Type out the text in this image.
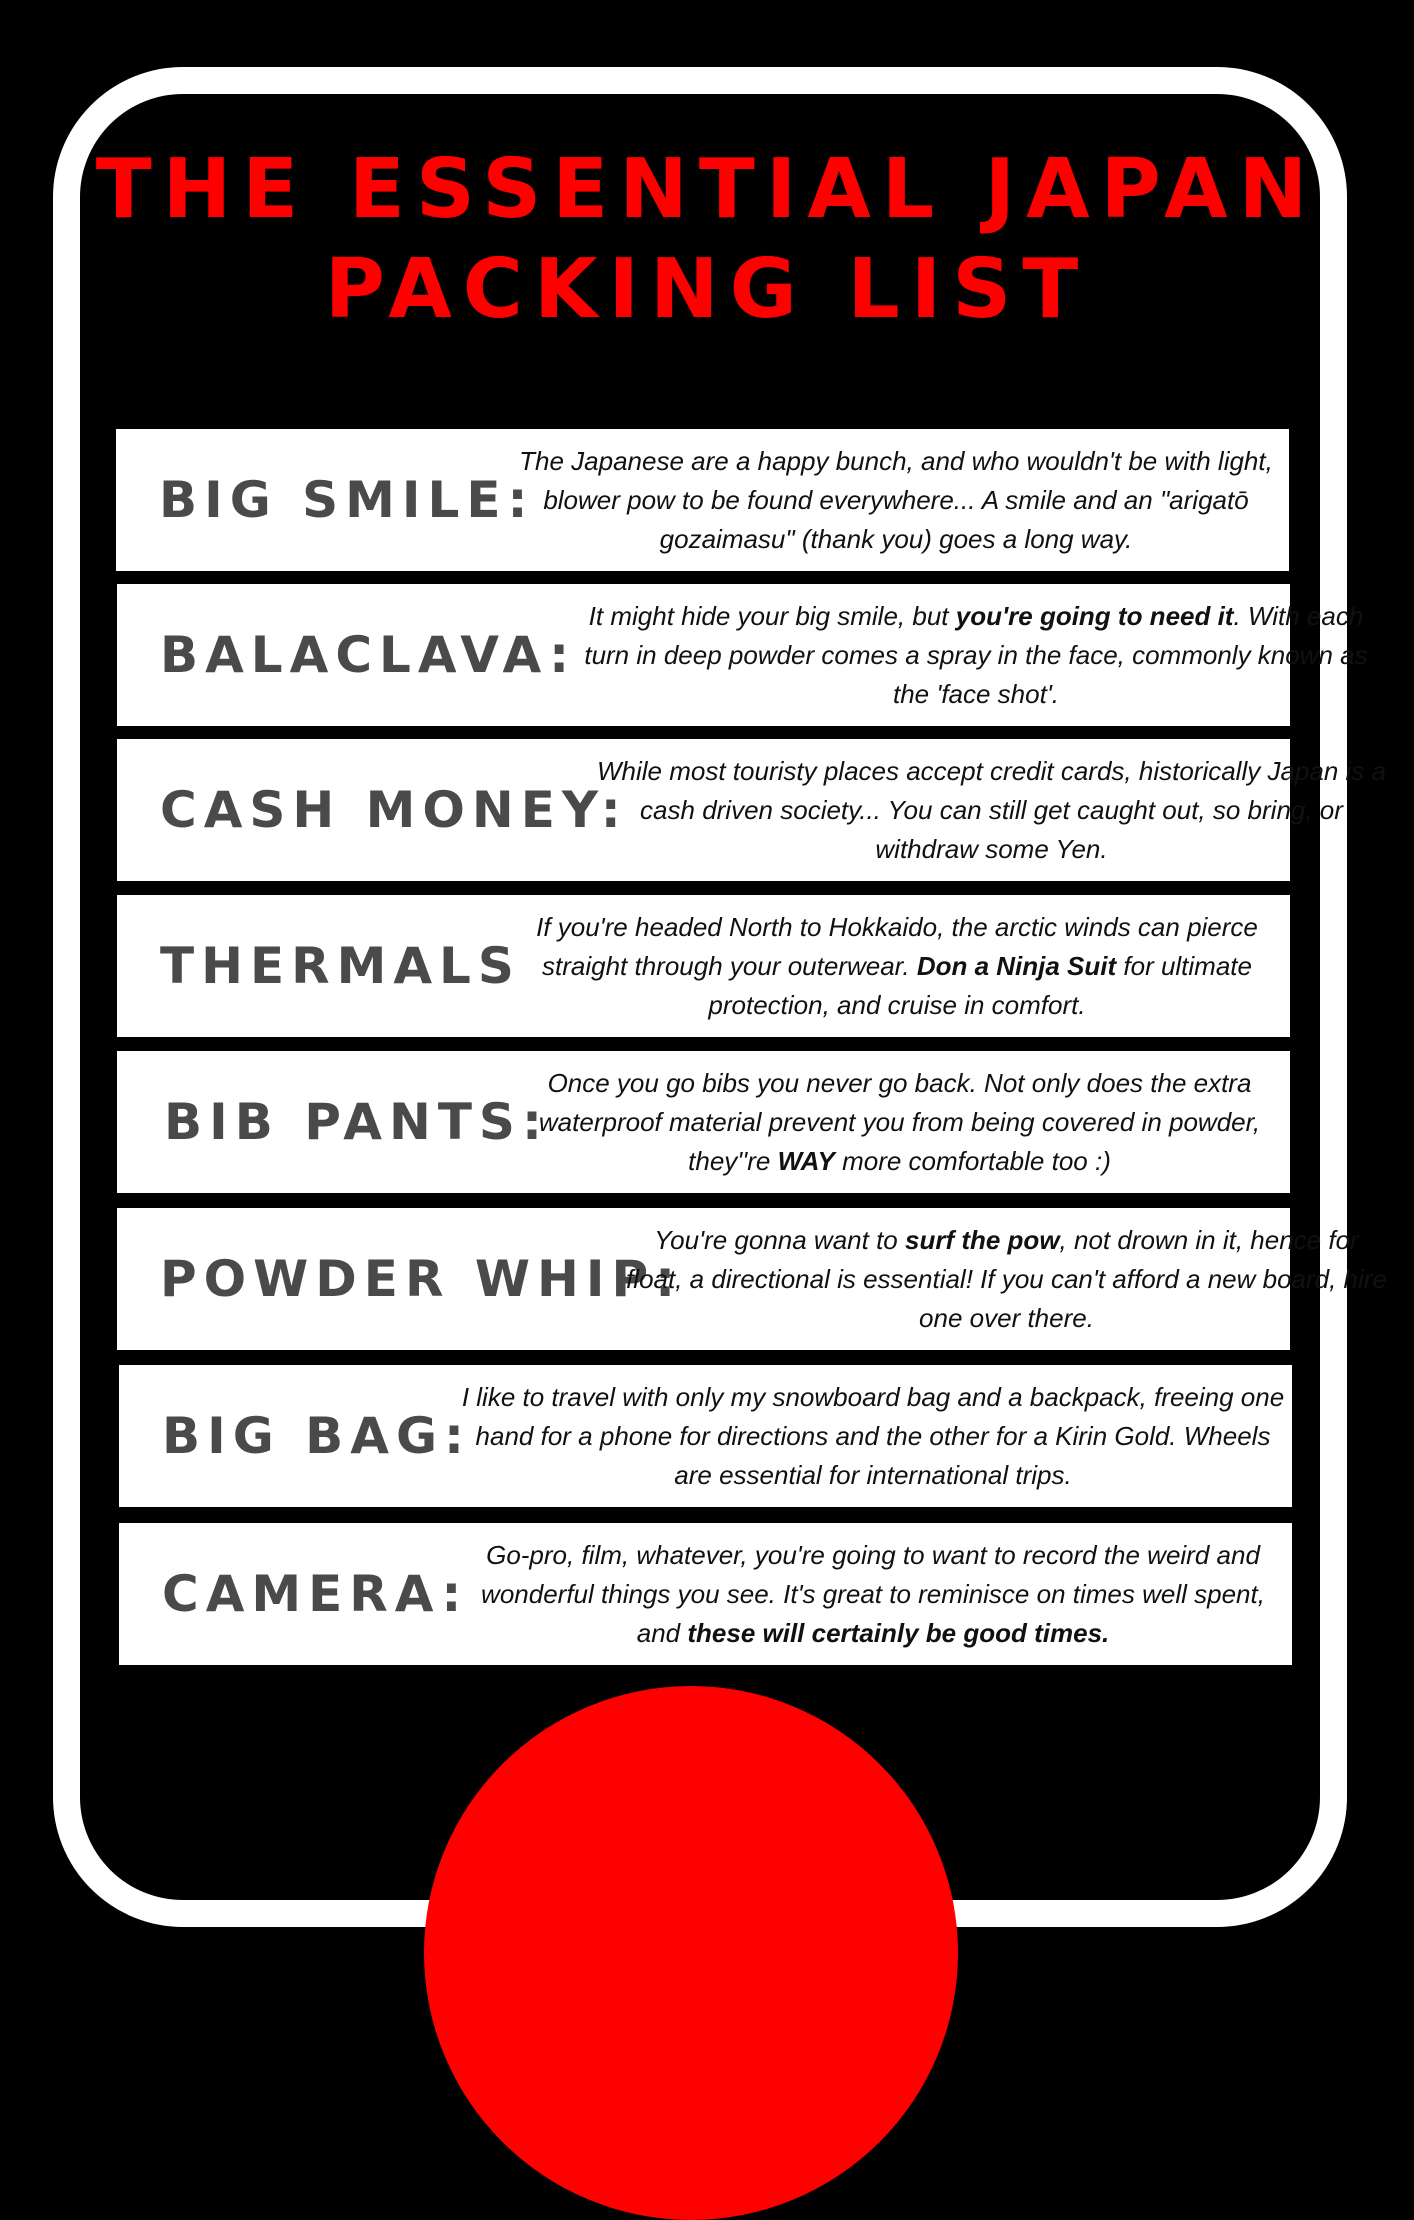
THE ESSENTIAL JAPAN
PACKING LIST
BIG SMILE:

The Japanese are a happy bunch, and who wouldn't be with light, blower pow to be found everywhere... A smile and an "arigatō gozaimasu" (thank you) goes a long way.

BALACLAVA:

It might hide your big smile, but you're going to need it. With each turn in deep powder comes a spray in the face, commonly known as the 'face shot'.

CASH MONEY:

While most touristy places accept credit cards, historically Japan is a cash driven society... You can still get caught out, so bring, or withdraw some Yen.

THERMALS

If you're headed North to Hokkaido, the arctic winds can pierce straight through your outerwear. Don a Ninja Suit for ultimate protection, and cruise in comfort.

BIB PANTS:

Once you go bibs you never go back. Not only does the extra waterproof material prevent you from being covered in powder, they''re WAY more comfortable too :)

POWDER WHIP:

You're gonna want to surf the pow, not drown in it, hence for float, a directional is essential! If you can't afford a new board, hire one over there.

BIG BAG:

I like to travel with only my snowboard bag and a backpack, freeing one hand for a phone for directions and the other for a Kirin Gold. Wheels are essential for international trips.

CAMERA:

Go-pro, film, whatever, you're going to want to record the weird and wonderful things you see. It's great to reminisce on times well spent, and these will certainly be good times.
